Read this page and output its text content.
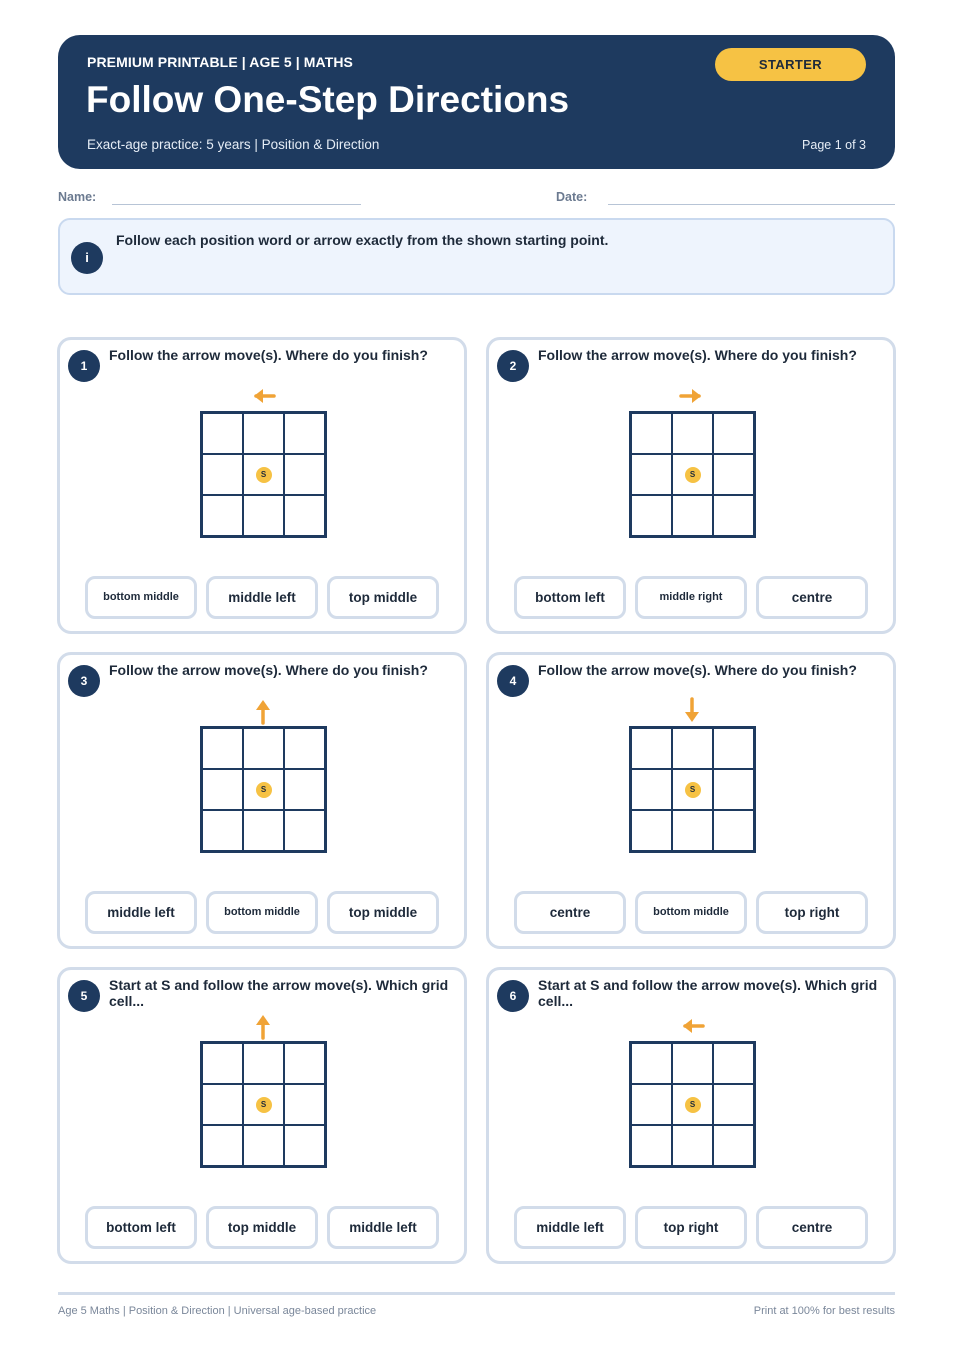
PREMIUM PRINTABLE | AGE 5 | MATHS
Follow One-Step Directions
Exact-age practice: 5 years | Position & Direction	Page 1 of 3
STARTER
Name:	Date:
i
Follow each position word or arrow exactly from the shown starting point.
1
Follow the arrow move(s). Where do you finish?
S
bottom middle	middle left	top middle
2
Follow the arrow move(s). Where do you finish?
S
bottom left	middle right	centre
3
Follow the arrow move(s). Where do you finish?
S
middle left	bottom middle	top middle
4
Follow the arrow move(s). Where do you finish?
S
centre	bottom middle	top right
5
Start at S and follow the arrow move(s). Which grid cell...
S
bottom left	top middle	middle left
6
Start at S and follow the arrow move(s). Which grid cell...
S
middle left	top right	centre
Age 5 Maths | Position & Direction | Universal age-based practice	Print at 100% for best results
